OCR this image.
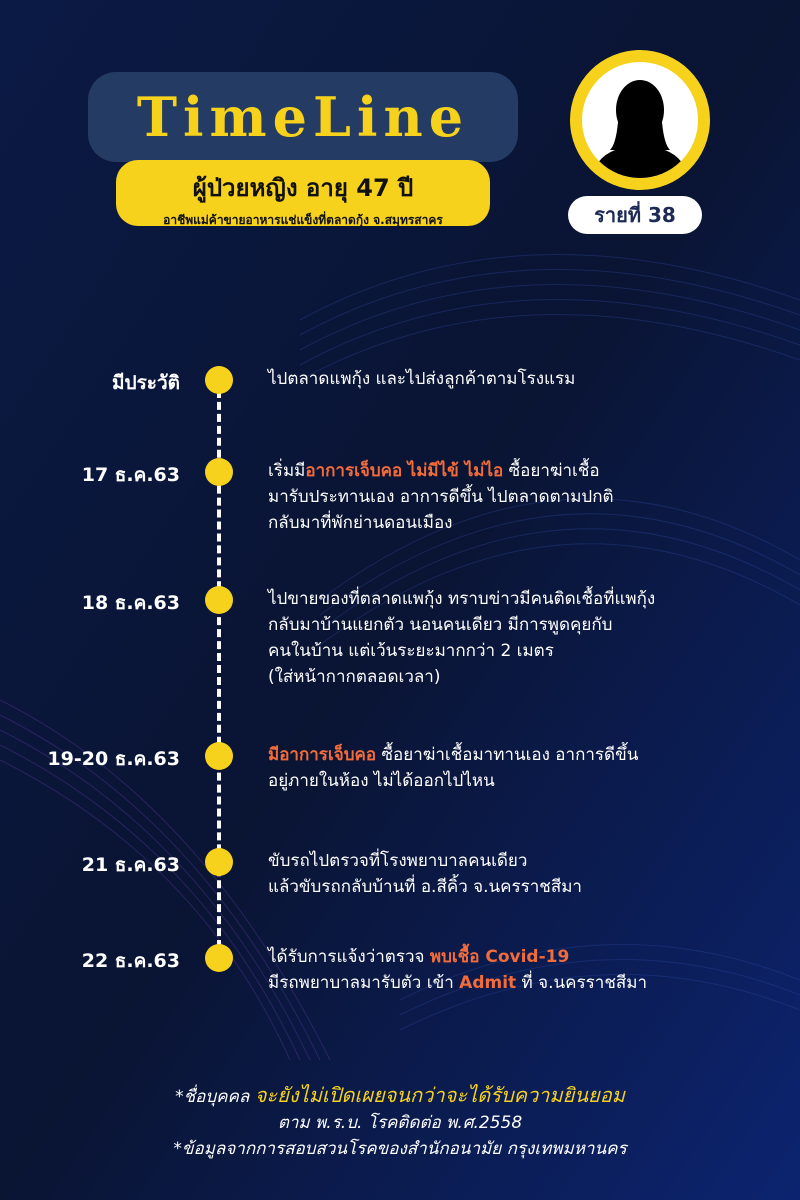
TimeLine
ผู้ป่วยหญิง อายุ 47 ปี
อาชีพแม่ค้าขายอาหารแช่แข็งที่ตลาดกุ้ง จ.สมุทรสาคร	รายที่ 38
มีประวัติ	ไปตลาดแพกุ้ง และไปส่งลูกค้าตามโรงแรม
17 ธ.ค.63	เริ่มมีอาการเจ็บคอ ไม่มีไข้ ไม่ไอ ซื้อยาฆ่าเชื้อ
มารับประทานเอง อาการดีขึ้น ไปตลาดตามปกติ
กลับมาที่พักย่านดอนเมือง
18 ธ.ค.63	ไปขายของที่ตลาดแพกุ้ง ทราบข่าวมีคนติดเชื้อที่แพกุ้ง
กลับมาบ้านแยกตัว นอนคนเดียว มีการพูดคุยกับ
คนในบ้าน แต่เว้นระยะมากกว่า 2 เมตร
(ใส่หน้ากากตลอดเวลา)
19-20 ธ.ค.63	มีอาการเจ็บคอ ซื้อยาฆ่าเชื้อมาทานเอง อาการดีขึ้น
อยู่ภายในห้อง ไม่ได้ออกไปไหน
21 ธ.ค.63	ขับรถไปตรวจที่โรงพยาบาลคนเดียว
แล้วขับรถกลับบ้านที่ อ.สีคิ้ว จ.นครราชสีมา
22 ธ.ค.63	ได้รับการแจ้งว่าตรวจ พบเชื้อ Covid-19
มีรถพยาบาลมารับตัว เข้า Admit ที่ จ.นครราชสีมา
*ชื่อบุคคล จะยังไม่เปิดเผยจนกว่าจะได้รับความยินยอม
ตาม พ.ร.บ. โรคติดต่อ พ.ศ.2558
*ข้อมูลจากการสอบสวนโรคของสำนักอนามัย กรุงเทพมหานคร
